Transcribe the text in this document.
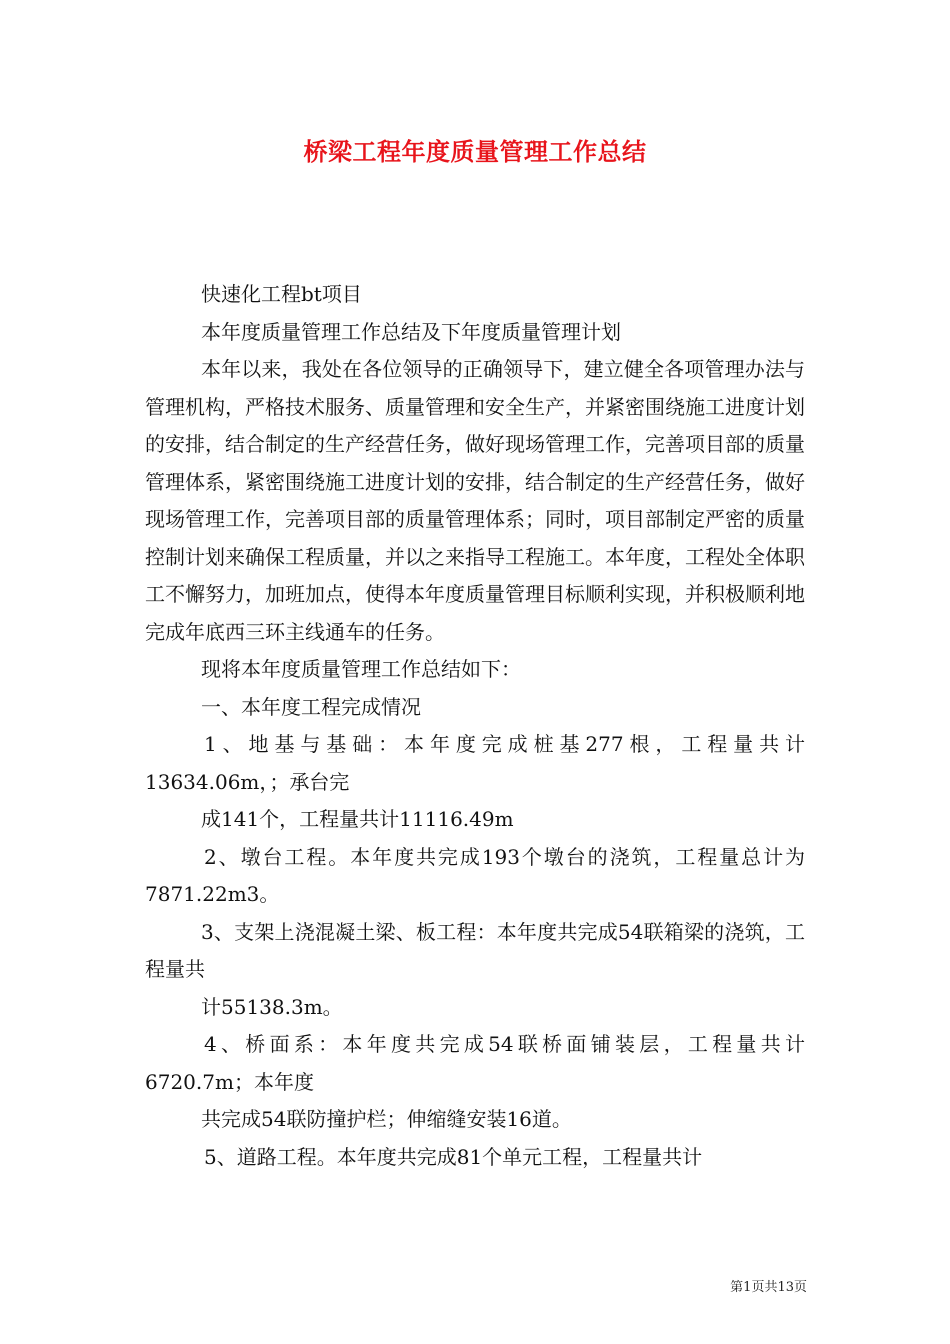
桥梁工程年度质量管理工作总结

快速化工程bt项目

本年度质量管理工作总结及下年度质量管理计划

本年以来，我处在各位领导的正确领导下，建立健全各项管理办法与管理机构，严格技术服务、质量管理和安全生产，并紧密围绕施工进度计划的安排，结合制定的生产经营任务，做好现场管理工作，完善项目部的质量管理体系，紧密围绕施工进度计划的安排，结合制定的生产经营任务，做好现场管理工作，完善项目部的质量管理体系；同时，项目部制定严密的质量控制计划来确保工程质量，并以之来指导工程施工。本年度，工程处全体职工不懈努力，加班加点，使得本年度质量管理目标顺利实现，并积极顺利地完成年底西三环主线通车的任务。

现将本年度质量管理工作总结如下：

一、本年度工程完成情况

1、地基与基础：本年度完成桩基277根，工程量共计13634.06m，；承台完

成141个，工程量共计11116.49m

2、墩台工程。本年度共完成193个墩台的浇筑，工程量总计为7871.22m3。

3、支架上浇混凝土梁、板工程：本年度共完成54联箱梁的浇筑，工程量共

计55138.3m。

4、桥面系：本年度共完成54联桥面铺装层，工程量共计6720.7m；本年度

共完成54联防撞护栏；伸缩缝安装16道。

5、道路工程。本年度共完成81个单元工程，工程量共计

第1页共13页
